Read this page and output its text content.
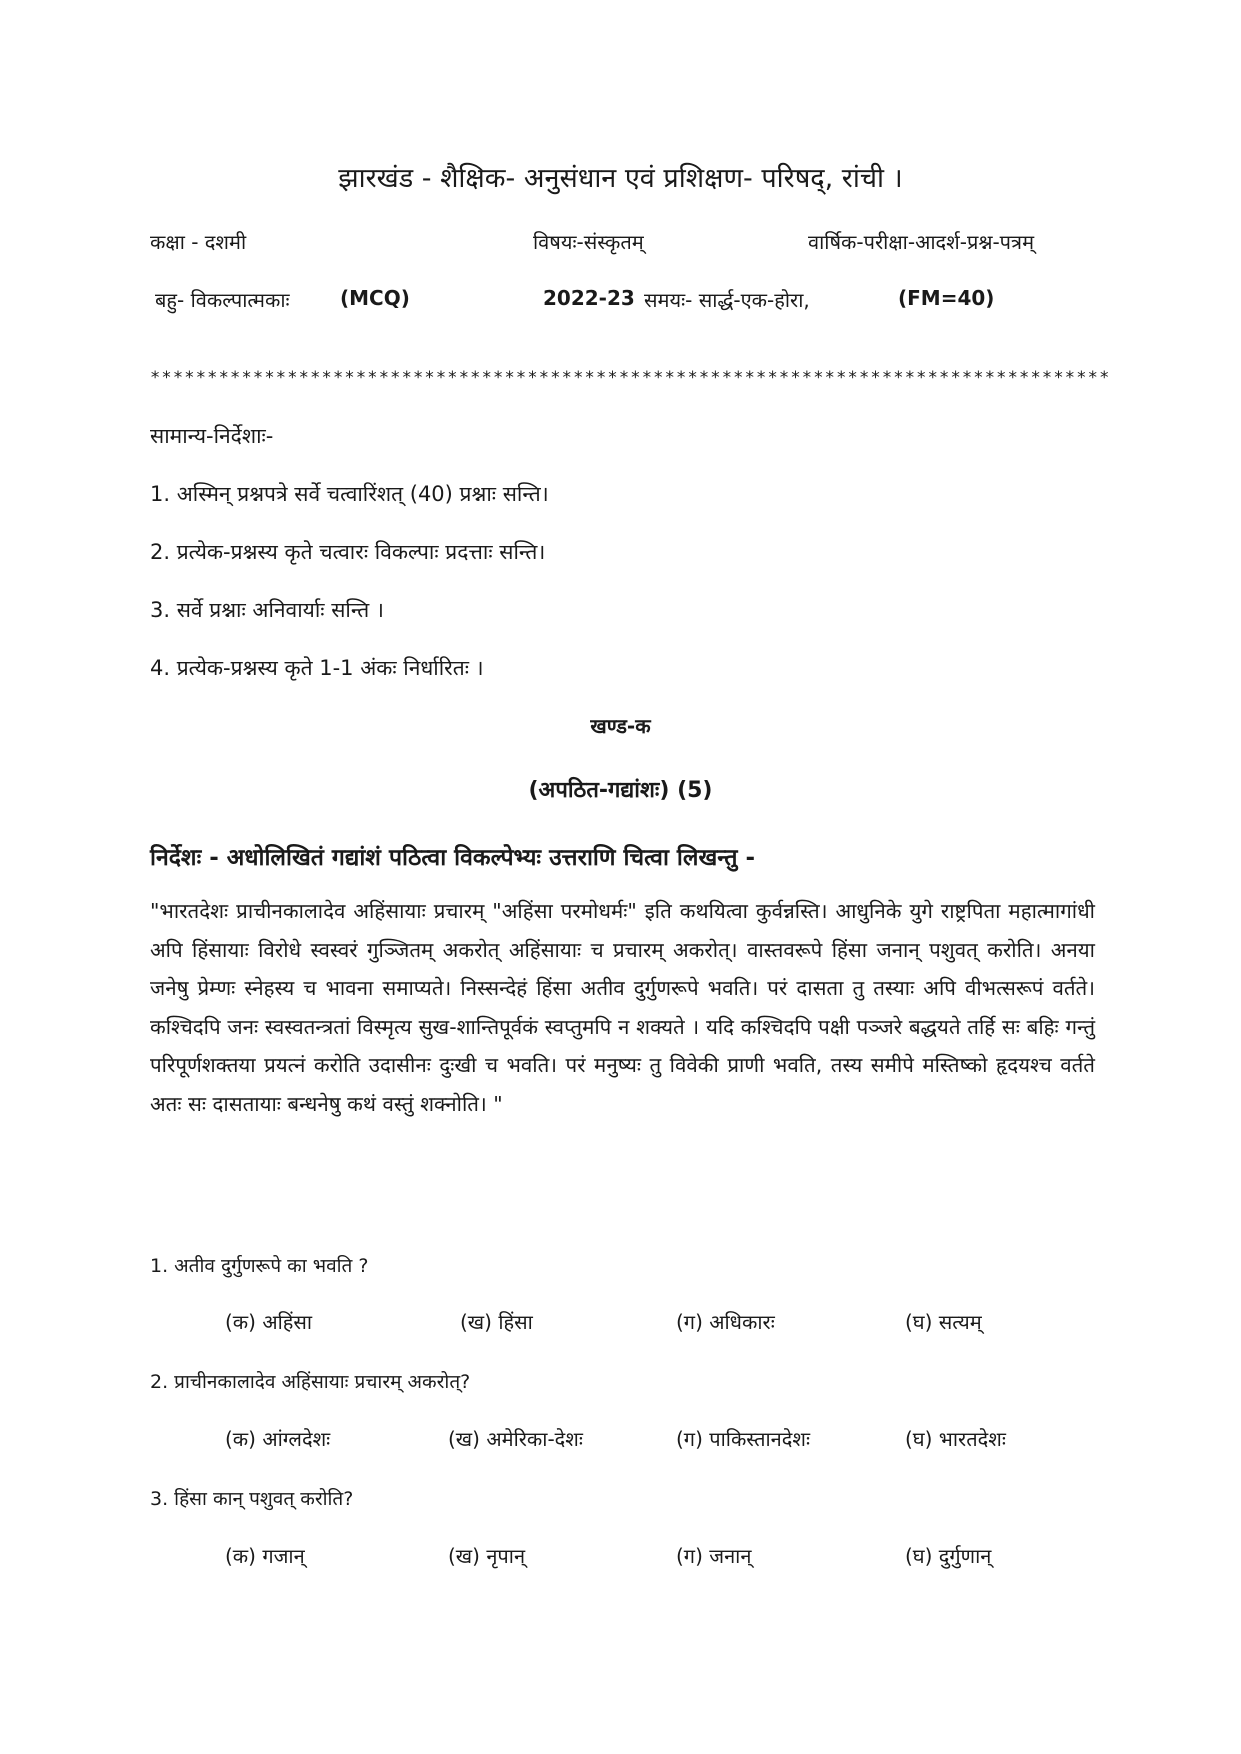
झारखंड - शैक्षिक- अनुसंधान एवं प्रशिक्षण- परिषद्, रांची ।
कक्षा - दशमी	विषयः-संस्कृतम्	वार्षिक-परीक्षा-आदर्श-प्रश्न-पत्रम्
बहु- विकल्पात्मकाः	(MCQ)	2022-23 समयः- सार्द्ध-एक-होरा,	(FM=40)
************************************************************************************
सामान्य-निर्देशाः-
1. अस्मिन् प्रश्नपत्रे सर्वे चत्वारिंशत् (40) प्रश्नाः सन्ति।
2. प्रत्येक-प्रश्नस्य कृते चत्वारः विकल्पाः प्रदत्ताः सन्ति।
3. सर्वे प्रश्नाः अनिवार्याः सन्ति ।
4. प्रत्येक-प्रश्नस्य कृते 1-1 अंकः निर्धारितः ।
खण्ड-क
(अपठित-गद्यांशः) (5)
निर्देशः - अधोलिखितं गद्यांशं पठित्वा विकल्पेभ्यः उत्तराणि चित्वा लिखन्तु -
"भारतदेशः प्राचीनकालादेव अहिंसायाः प्रचारम् "अहिंसा परमोधर्मः" इति कथयित्वा कुर्वन्नस्ति। आधुनिके युगे राष्ट्रपिता महात्मागांधी अपि हिंसायाः विरोधे स्वस्वरं गुञ्जितम् अकरोत् अहिंसायाः च प्रचारम् अकरोत्। वास्तवरूपे हिंसा जनान् पशुवत् करोति। अनया जनेषु प्रेम्णः स्नेहस्य च भावना समाप्यते। निस्सन्देहं हिंसा अतीव दुर्गुणरूपे भवति। परं दासता तु तस्याः अपि वीभत्सरूपं वर्तते। कश्चिदपि जनः स्वस्वतन्त्रतां विस्मृत्य सुख-शान्तिपूर्वकं स्वप्तुमपि न शक्यते । यदि कश्चिदपि पक्षी पञ्जरे बद्धयते तर्हि सः बहिः गन्तुं परिपूर्णशक्तया प्रयत्नं करोति उदासीनः दुःखी च भवति। परं मनुष्यः तु विवेकी प्राणी भवति, तस्य समीपे मस्तिष्को हृदयश्च वर्तते अतः सः दासतायाः बन्धनेषु कथं वस्तुं शक्नोति। "
1. अतीव दुर्गुणरूपे का भवति ?
(क) अहिंसा	(ख) हिंसा	(ग) अधिकारः	(घ) सत्यम्
2. प्राचीनकालादेव अहिंसायाः प्रचारम् अकरोत्?
(क) आंग्लदेशः	(ख) अमेरिका-देशः	(ग) पाकिस्तानदेशः	(घ) भारतदेशः
3. हिंसा कान् पशुवत् करोति?
(क) गजान्	(ख) नृपान्	(ग) जनान्	(घ) दुर्गुणान्
